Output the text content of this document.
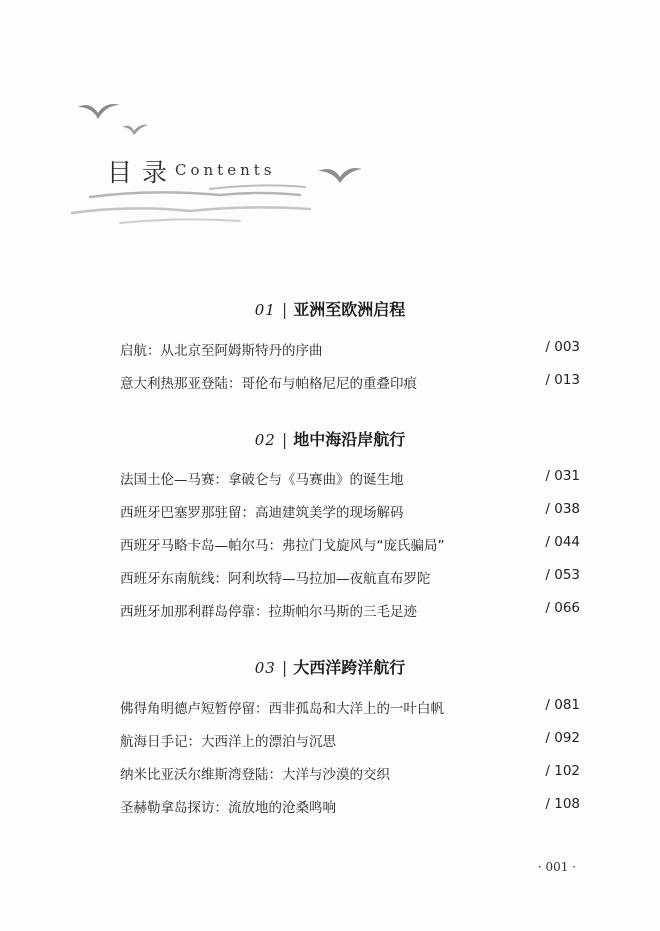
目录
Contents
01 | 亚洲至欧洲启程
启航：从北京至阿姆斯特丹的序曲	/ 003
意大利热那亚登陆：哥伦布与帕格尼尼的重叠印痕	/ 013
02 | 地中海沿岸航行
法国土伦—马赛：拿破仑与《马赛曲》的诞生地	/ 031
西班牙巴塞罗那驻留：高迪建筑美学的现场解码	/ 038
西班牙马略卡岛—帕尔马：弗拉门戈旋风与“庞氏骗局”	/ 044
西班牙东南航线：阿利坎特—马拉加—夜航直布罗陀	/ 053
西班牙加那利群岛停靠：拉斯帕尔马斯的三毛足迹	/ 066
03 | 大西洋跨洋航行
佛得角明德卢短暂停留：西非孤岛和大洋上的一叶白帆	/ 081
航海日手记：大西洋上的漂泊与沉思	/ 092
纳米比亚沃尔维斯湾登陆：大洋与沙漠的交织	/ 102
圣赫勒拿岛探访：流放地的沧桑鸣响	/ 108
· 001 ·
